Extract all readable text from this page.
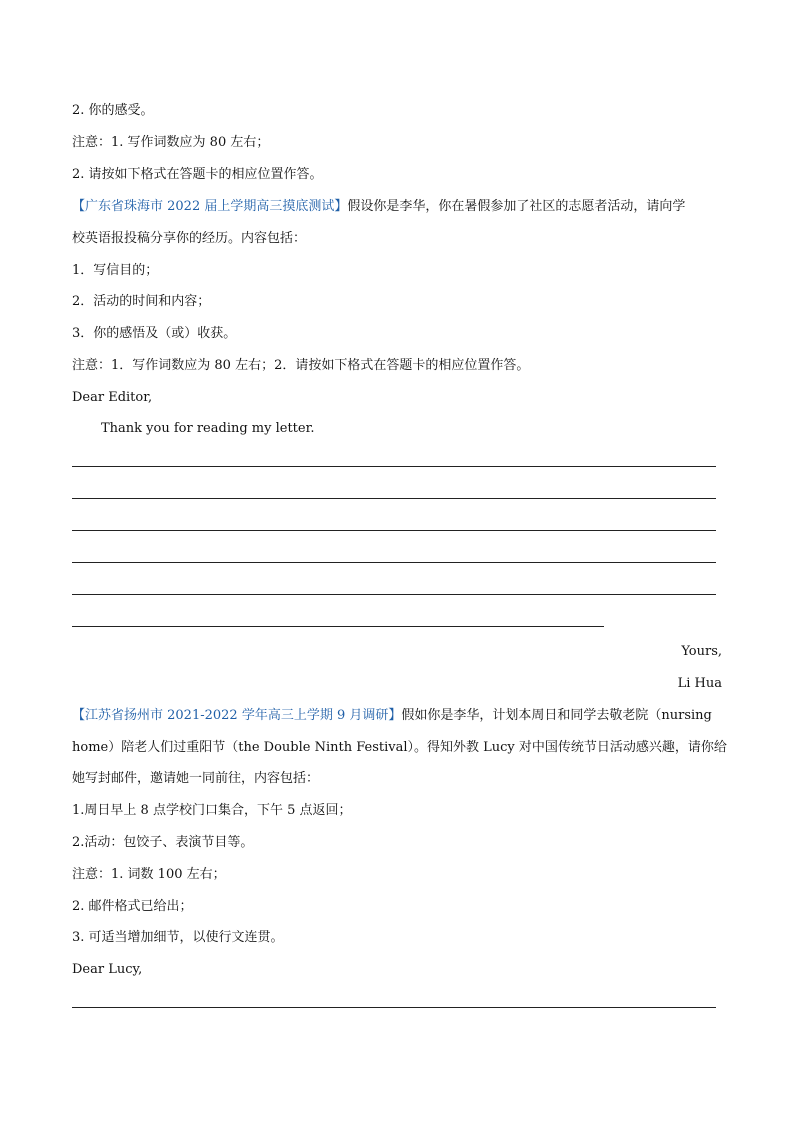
2. 你的感受。
注意：1. 写作词数应为 80 左右；
2. 请按如下格式在答题卡的相应位置作答。
【广东省珠海市 2022 届上学期高三摸底测试】假设你是李华，你在暑假参加了社区的志愿者活动，请向学
校英语报投稿分享你的经历。内容包括：
1．写信目的；
2．活动的时间和内容；
3．你的感悟及（或）收获。
注意：1．写作词数应为 80 左右；2．请按如下格式在答题卡的相应位置作答。
Dear Editor,
Thank you for reading my letter.
Yours,
Li Hua
【江苏省扬州市 2021-2022 学年高三上学期 9 月调研】假如你是李华，计划本周日和同学去敬老院（nursing
home）陪老人们过重阳节（the Double Ninth Festival）。得知外教 Lucy 对中国传统节日活动感兴趣，请你给
她写封邮件，邀请她一同前往，内容包括：
1.周日早上 8 点学校门口集合，下午 5 点返回；
2.活动：包饺子、表演节目等。
注意：1. 词数 100 左右；
2. 邮件格式已给出；
3. 可适当增加细节，以使行文连贯。
Dear Lucy,
